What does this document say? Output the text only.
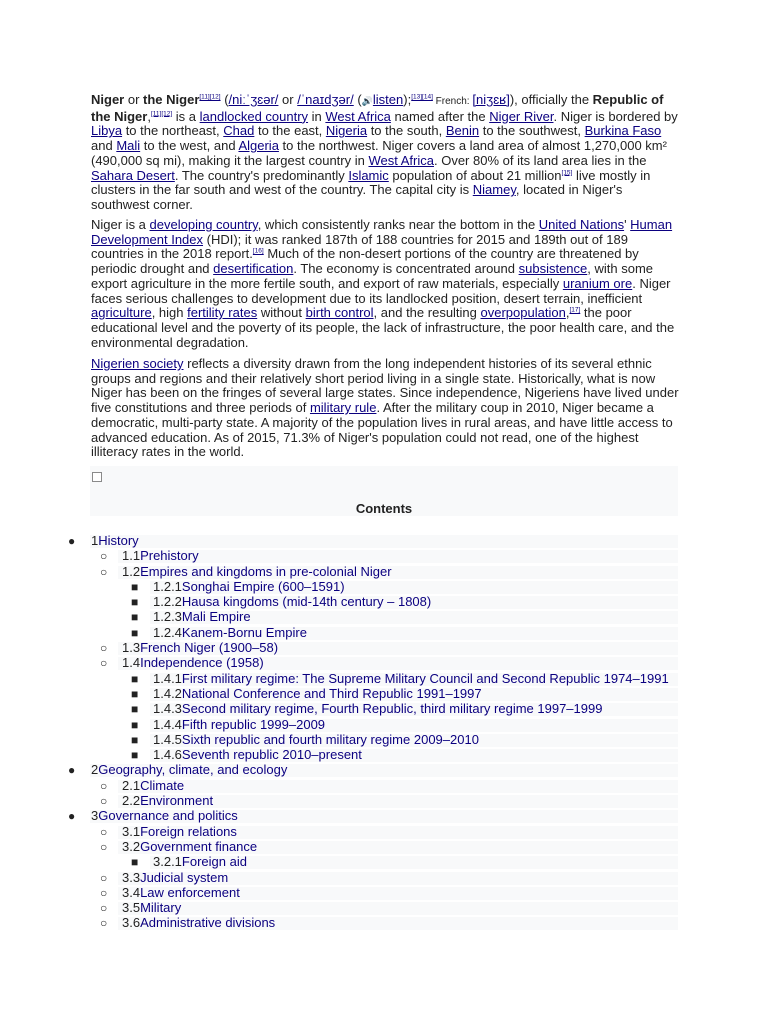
Niger or the Niger[11][12] (/niːˈʒɛər/ or /ˈnaɪdʒər/ (🔊listen);[13][14] French: [niʒɛʁ]), officially the Republic of the Niger,[11][12] is a landlocked country in West Africa named after the Niger River. Niger is bordered by Libya to the northeast, Chad to the east, Nigeria to the south, Benin to the southwest, Burkina Faso and Mali to the west, and Algeria to the northwest. Niger covers a land area of almost 1,270,000 km² (490,000 sq mi), making it the largest country in West Africa. Over 80% of its land area lies in the Sahara Desert. The country's predominantly Islamic population of about 21 million[15] live mostly in clusters in the far south and west of the country. The capital city is Niamey, located in Niger's southwest corner.

Niger is a developing country, which consistently ranks near the bottom in the United Nations' Human Development Index (HDI); it was ranked 187th of 188 countries for 2015 and 189th out of 189 countries in the 2018 report.[16] Much of the non-desert portions of the country are threatened by periodic drought and desertification. The economy is concentrated around subsistence, with some export agriculture in the more fertile south, and export of raw materials, especially uranium ore. Niger faces serious challenges to development due to its landlocked position, desert terrain, inefficient agriculture, high fertility rates without birth control, and the resulting overpopulation,[17] the poor educational level and the poverty of its people, the lack of infrastructure, the poor health care, and the environmental degradation.

Nigerien society reflects a diversity drawn from the long independent histories of its several ethnic groups and regions and their relatively short period living in a single state. Historically, what is now Niger has been on the fringes of several large states. Since independence, Nigeriens have lived under five constitutions and three periods of military rule. After the military coup in 2010, Niger became a democratic, multi-party state. A majority of the population lives in rural areas, and have little access to advanced education. As of 2015, 71.3% of Niger's population could not read, one of the highest illiteracy rates in the world.

Contents
● 1History
○ 1.1Prehistory
○ 1.2Empires and kingdoms in pre-colonial Niger
■ 1.2.1Songhai Empire (600–1591)
■ 1.2.2Hausa kingdoms (mid-14th century – 1808)
■ 1.2.3Mali Empire
■ 1.2.4Kanem-Bornu Empire
○ 1.3French Niger (1900–58)
○ 1.4Independence (1958)
■ 1.4.1First military regime: The Supreme Military Council and Second Republic 1974–1991
■ 1.4.2National Conference and Third Republic 1991–1997
■ 1.4.3Second military regime, Fourth Republic, third military regime 1997–1999
■ 1.4.4Fifth republic 1999–2009
■ 1.4.5Sixth republic and fourth military regime 2009–2010
■ 1.4.6Seventh republic 2010–present
● 2Geography, climate, and ecology
○ 2.1Climate
○ 2.2Environment
● 3Governance and politics
○ 3.1Foreign relations
○ 3.2Government finance
■ 3.2.1Foreign aid
○ 3.3Judicial system
○ 3.4Law enforcement
○ 3.5Military
○ 3.6Administrative divisions
